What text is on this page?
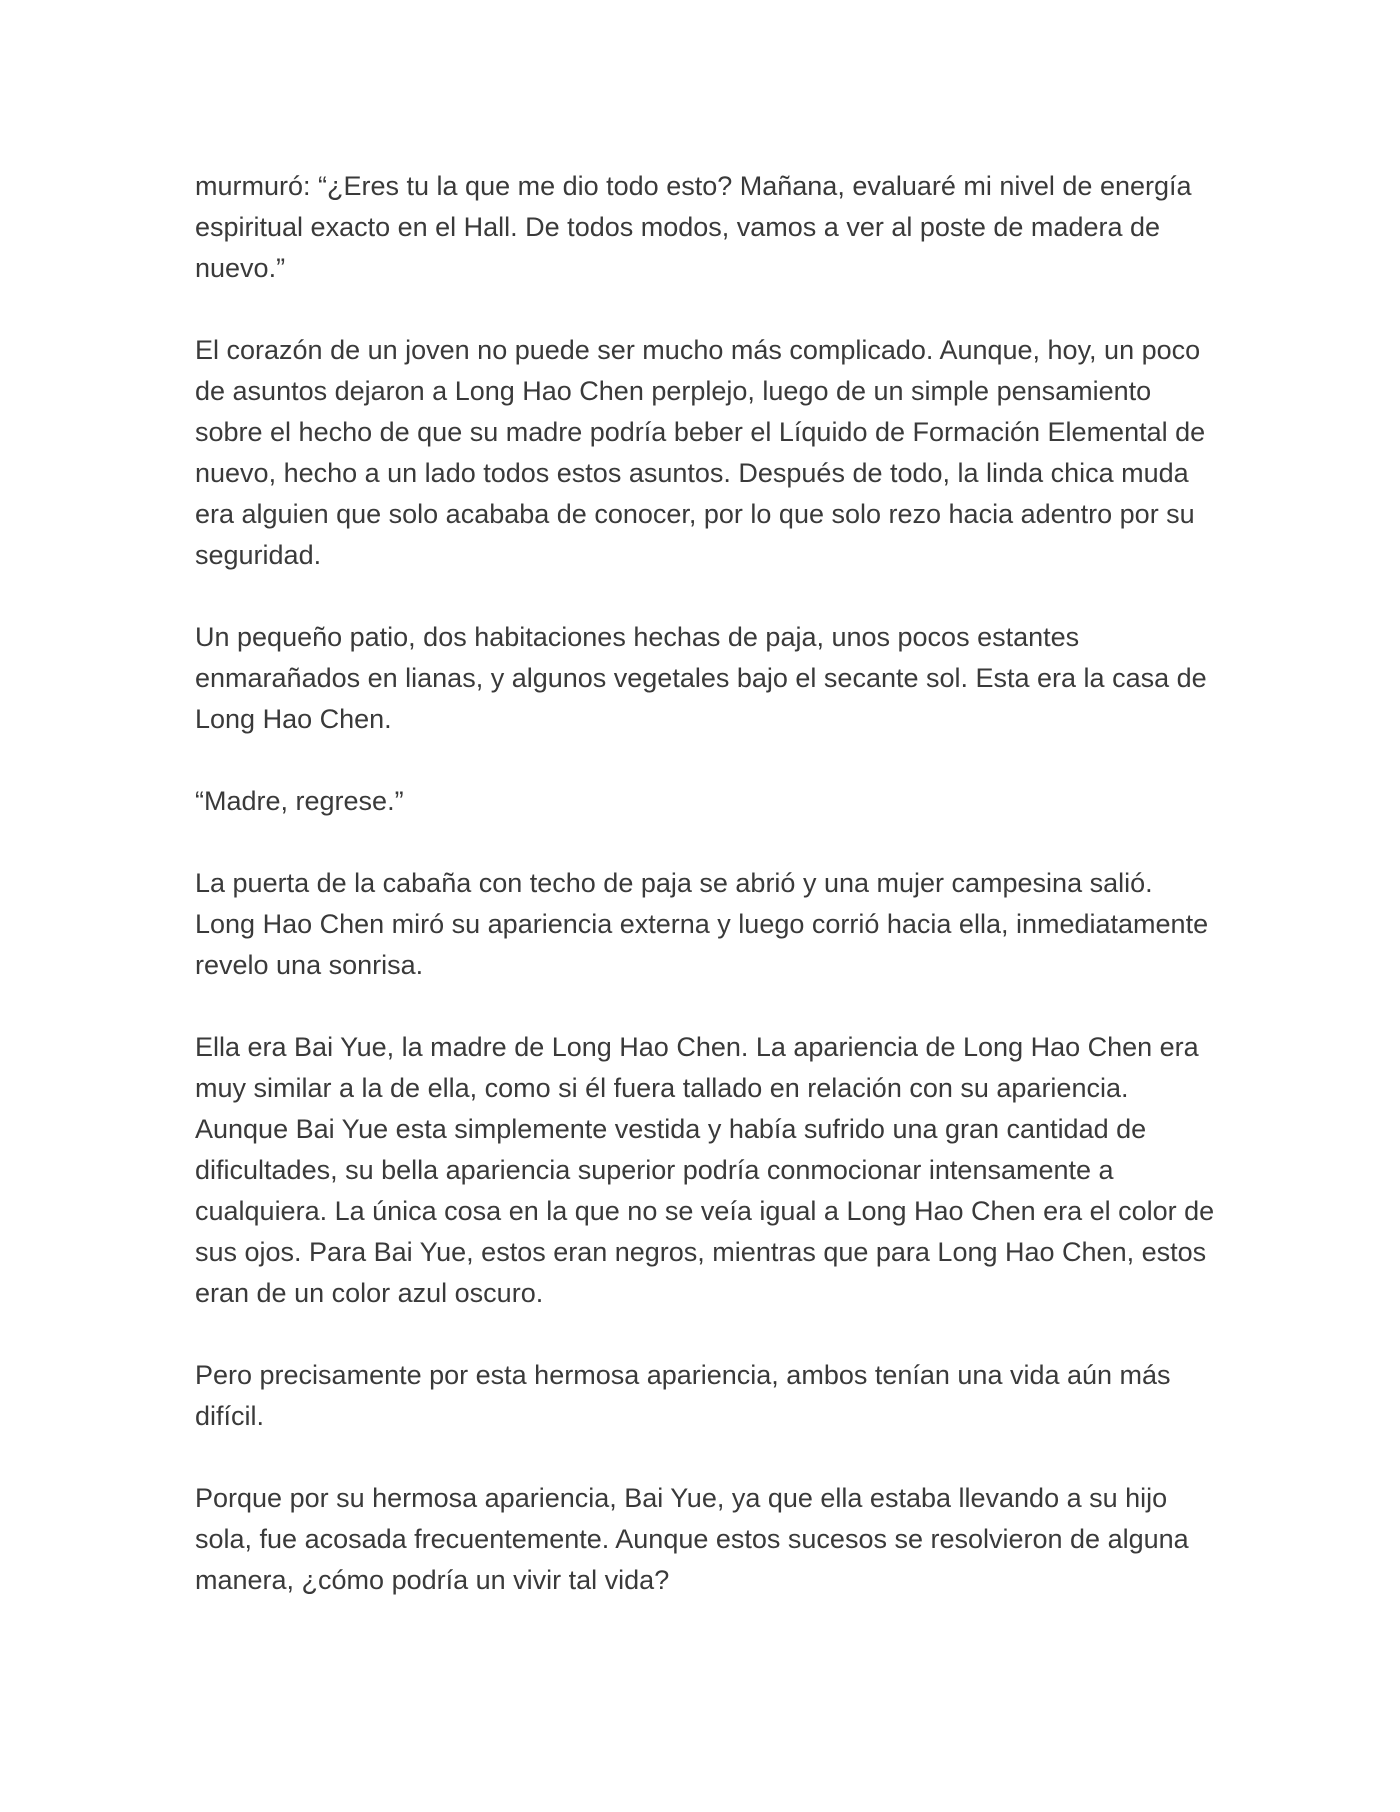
murmuró: “¿Eres tu la que me dio todo esto? Mañana, evaluaré mi nivel de energía espiritual exacto en el Hall. De todos modos, vamos a ver al poste de madera de nuevo.”

El corazón de un joven no puede ser mucho más complicado. Aunque, hoy, un poco de asuntos dejaron a Long Hao Chen perplejo, luego de un simple pensamiento sobre el hecho de que su madre podría beber el Líquido de Formación Elemental de nuevo, hecho a un lado todos estos asuntos. Después de todo, la linda chica muda era alguien que solo acababa de conocer, por lo que solo rezo hacia adentro por su seguridad.

Un pequeño patio, dos habitaciones hechas de paja, unos pocos estantes enmarañados en lianas, y algunos vegetales bajo el secante sol. Esta era la casa de Long Hao Chen.

“Madre, regrese.”

La puerta de la cabaña con techo de paja se abrió y una mujer campesina salió. Long Hao Chen miró su apariencia externa y luego corrió hacia ella, inmediatamente revelo una sonrisa.

Ella era Bai Yue, la madre de Long Hao Chen. La apariencia de Long Hao Chen era muy similar a la de ella, como si él fuera tallado en relación con su apariencia. Aunque Bai Yue esta simplemente vestida y había sufrido una gran cantidad de dificultades, su bella apariencia superior podría conmocionar intensamente a cualquiera. La única cosa en la que no se veía igual a Long Hao Chen era el color de sus ojos. Para Bai Yue, estos eran negros, mientras que para Long Hao Chen, estos eran de un color azul oscuro.

Pero precisamente por esta hermosa apariencia, ambos tenían una vida aún más difícil.

Porque por su hermosa apariencia, Bai Yue, ya que ella estaba llevando a su hijo sola, fue acosada frecuentemente. Aunque estos sucesos se resolvieron de alguna manera, ¿cómo podría un vivir tal vida?
